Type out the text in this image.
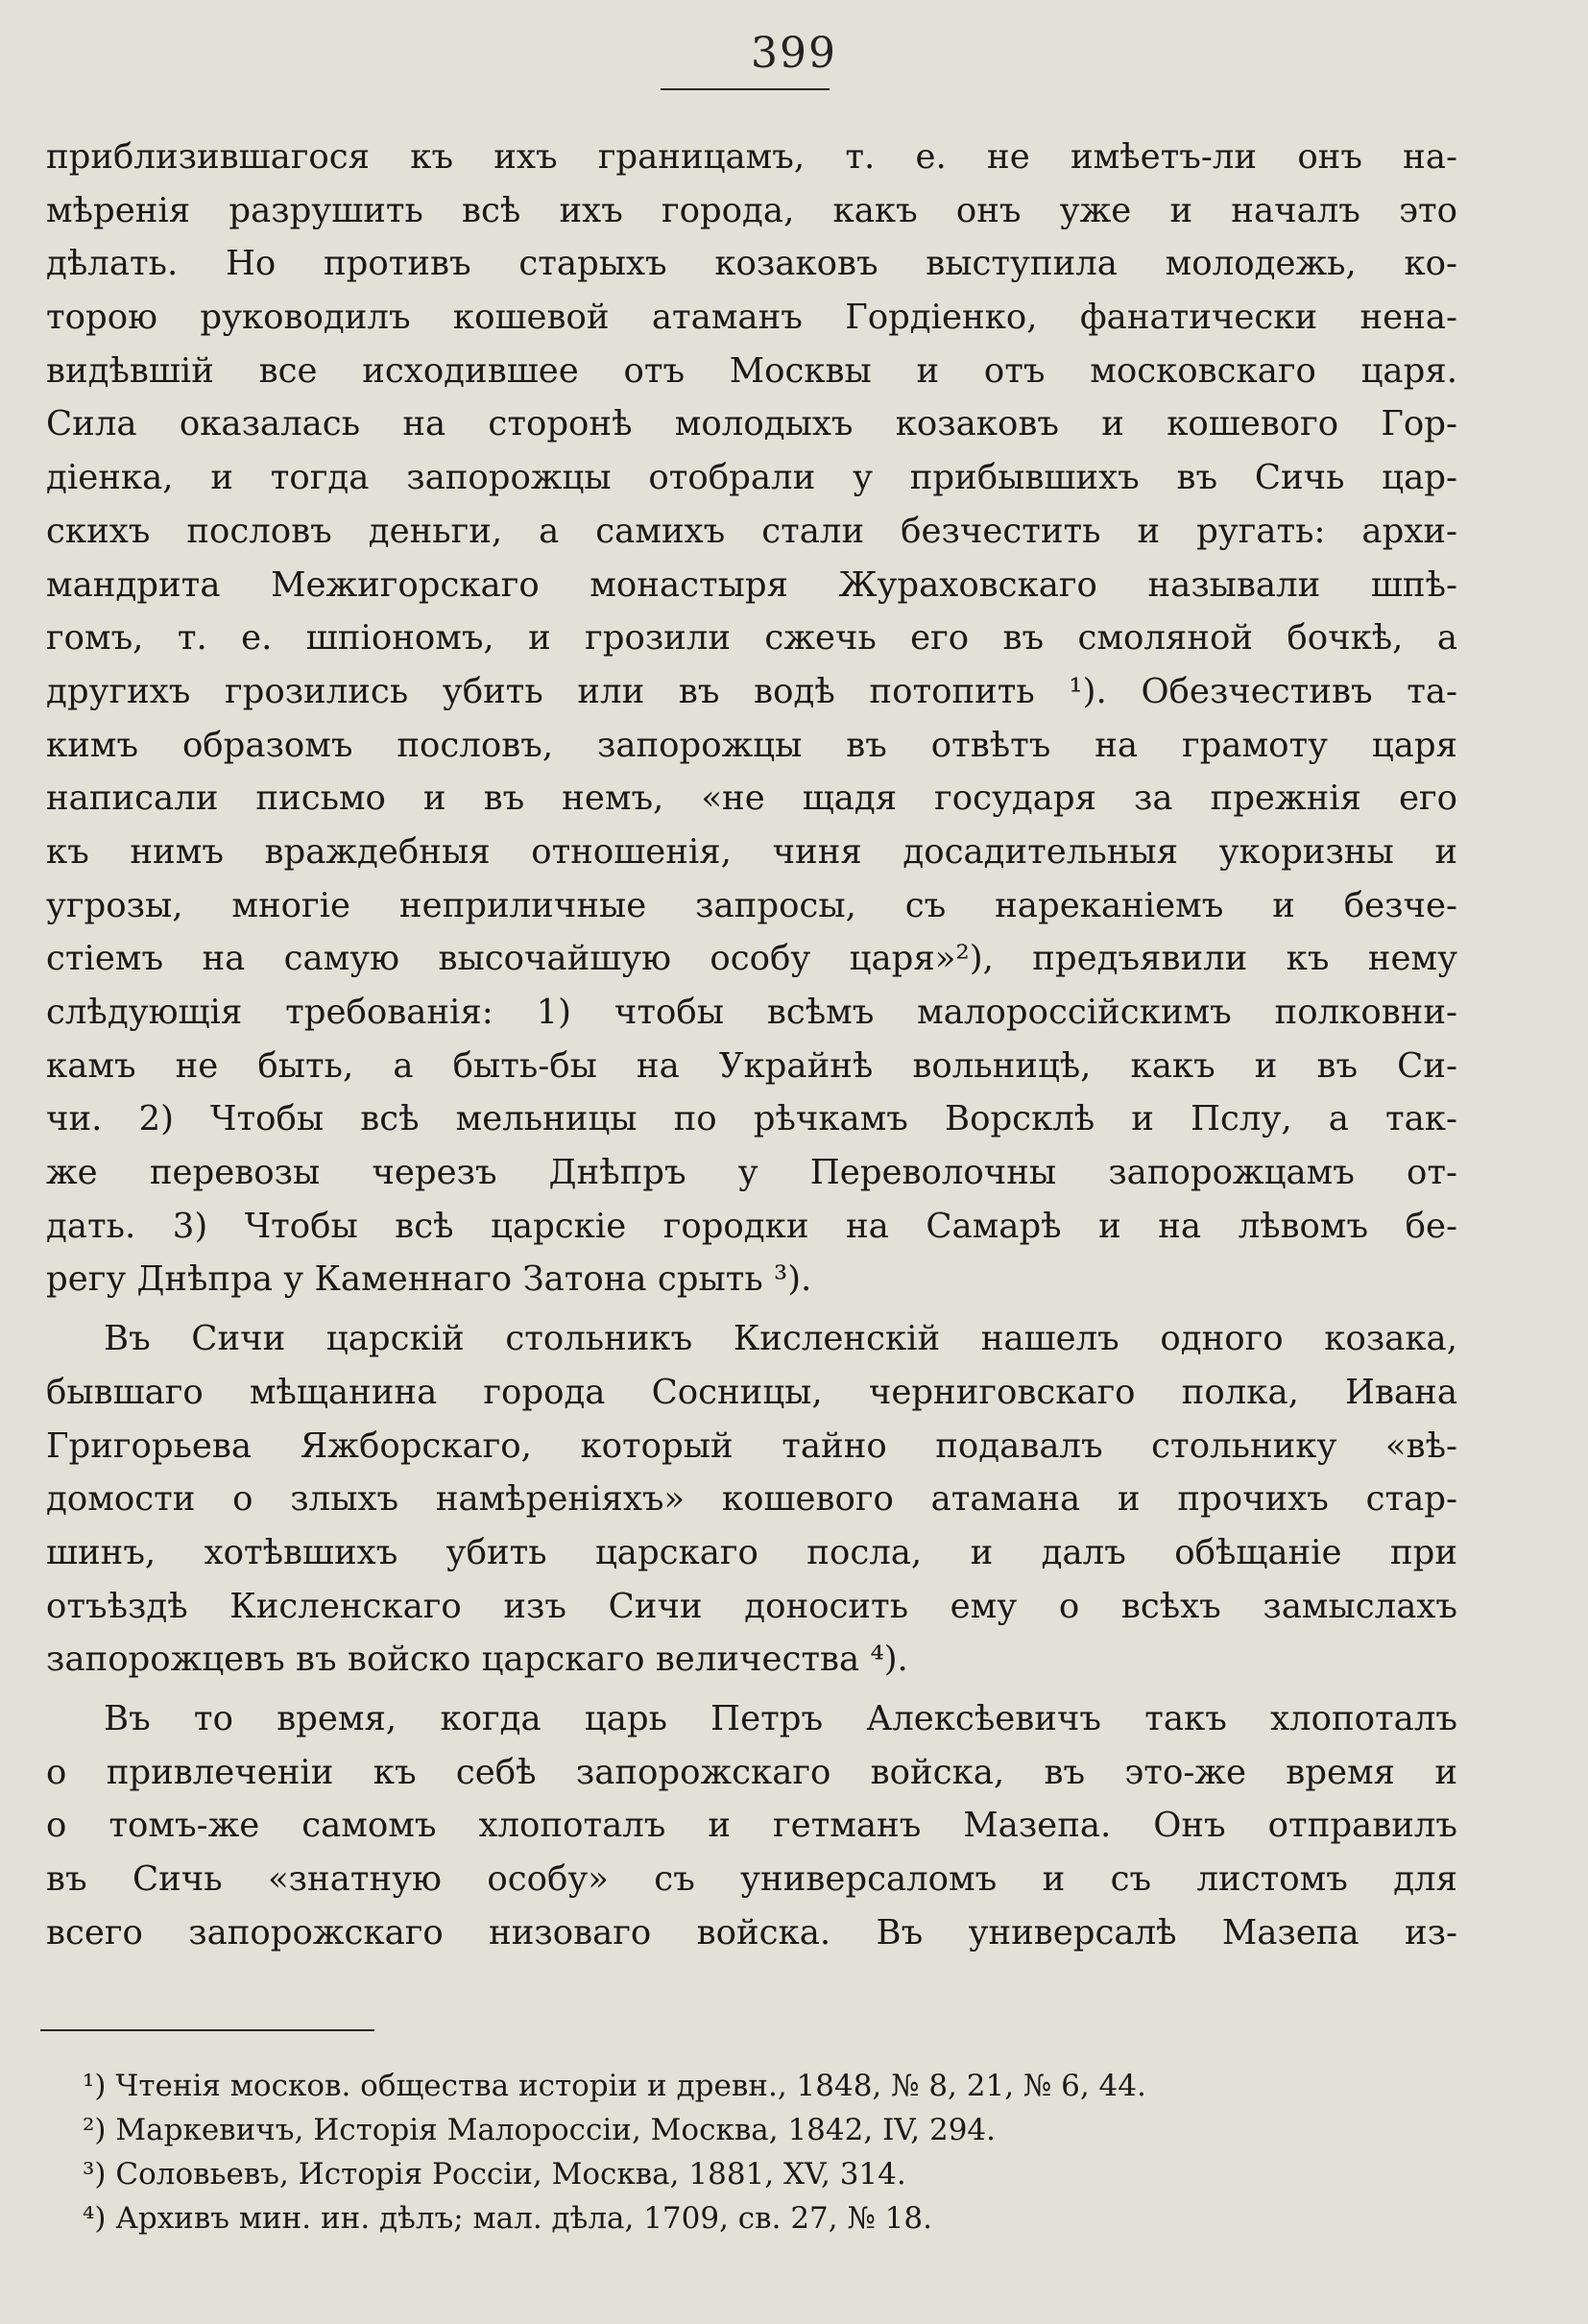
399
приблизившагося къ ихъ границамъ, т. е. не имѣетъ-ли онъ на-
мѣренія разрушить всѣ ихъ города, какъ онъ уже и началъ это
дѣлать. Но противъ старыхъ козаковъ выступила молодежь, ко-
торою руководилъ кошевой атаманъ Гордіенко, фанатически нена-
видѣвшій все исходившее отъ Москвы и отъ московскаго царя.
Сила оказалась на сторонѣ молодыхъ козаковъ и кошевого Гор-
діенка, и тогда запорожцы отобрали у прибывшихъ въ Сичь цар-
скихъ пословъ деньги, а самихъ стали безчестить и ругать: архи-
мандрита Межигорскаго монастыря Жураховскаго называли шпѣ-
гомъ, т. е. шпіономъ, и грозили сжечь его въ смоляной бочкѣ, а
другихъ грозились убить или въ водѣ потопить ¹). Обезчестивъ та-
кимъ образомъ пословъ, запорожцы въ отвѣтъ на грамоту царя
написали письмо и въ немъ, «не щадя государя за прежнія его
къ нимъ враждебныя отношенія, чиня досадительныя укоризны и
угрозы, многіе неприличные запросы, съ нареканіемъ и безче-
стіемъ на самую высочайшую особу царя»²), предъявили къ нему
слѣдующія требованія: 1) чтобы всѣмъ малороссійскимъ полковни-
камъ не быть, а быть-бы на Украйнѣ вольницѣ, какъ и въ Си-
чи. 2) Чтобы всѣ мельницы по рѣчкамъ Ворсклѣ и Пслу, а так-
же перевозы черезъ Днѣпръ у Переволочны запорожцамъ от-
дать. 3) Чтобы всѣ царскіе городки на Самарѣ и на лѣвомъ бе-
регу Днѣпра у Каменнаго Затона срыть ³).
Въ Сичи царскій стольникъ Кисленскій нашелъ одного козака,
бывшаго мѣщанина города Сосницы, черниговскаго полка, Ивана
Григорьева Яжборскаго, который тайно подавалъ стольнику «вѣ-
домости о злыхъ намѣреніяхъ» кошевого атамана и прочихъ стар-
шинъ, хотѣвшихъ убить царскаго посла, и далъ обѣщаніе при
отъѣздѣ Кисленскаго изъ Сичи доносить ему о всѣхъ замыслахъ
запорожцевъ въ войско царскаго величества ⁴).
Въ то время, когда царь Петръ Алексѣевичъ такъ хлопоталъ
о привлеченіи къ себѣ запорожскаго войска, въ это-же время и
о томъ-же самомъ хлопоталъ и гетманъ Мазепа. Онъ отправилъ
въ Сичь «знатную особу» съ универсаломъ и съ листомъ для
всего запорожскаго низоваго войска. Въ универсалѣ Мазепа из-
¹) Чтенія москов. общества исторіи и древн., 1848, № 8, 21, № 6, 44.
²) Маркевичъ, Исторія Малороссіи, Москва, 1842, IV, 294.
³) Соловьевъ, Исторія Россіи, Москва, 1881, XV, 314.
⁴) Архивъ мин. ин. дѣлъ; мал. дѣла, 1709, св. 27, № 18.
